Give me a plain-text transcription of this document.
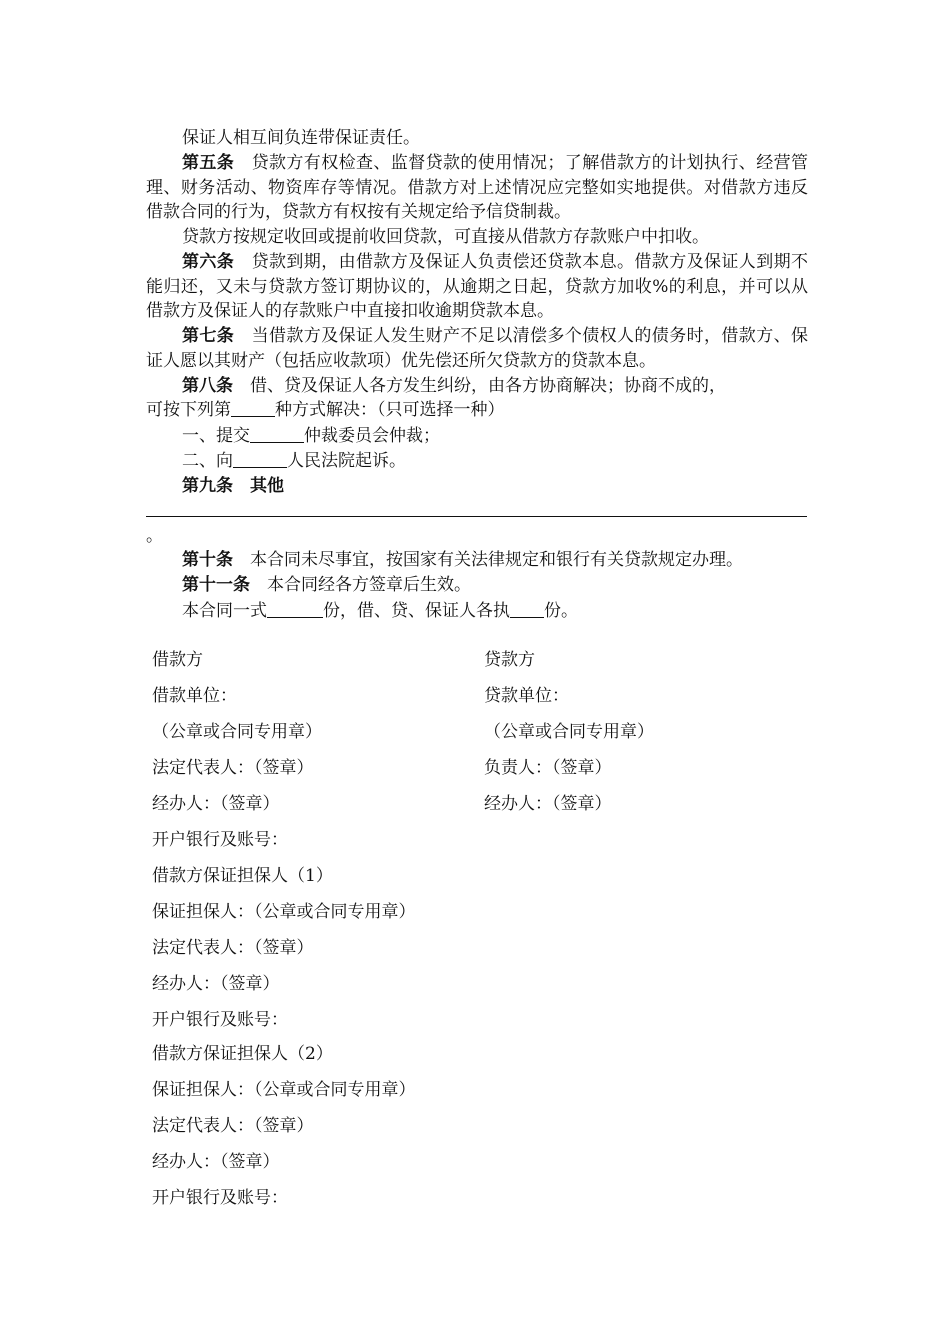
保证人相互间负连带保证责任。

第五条 贷款方有权检查、监督贷款的使用情况；了解借款方的计划执行、经营管理、财务活动、物资库存等情况。借款方对上述情况应完整如实地提供。对借款方违反借款合同的行为，贷款方有权按有关规定给予信贷制裁。

贷款方按规定收回或提前收回贷款，可直接从借款方存款账户中扣收。

第六条 贷款到期，由借款方及保证人负责偿还贷款本息。借款方及保证人到期不能归还，又未与贷款方签订期协议的，从逾期之日起，贷款方加收%的利息，并可以从借款方及保证人的存款账户中直接扣收逾期贷款本息。

第七条 当借款方及保证人发生财产不足以清偿多个债权人的债务时，借款方、保证人愿以其财产（包括应收款项）优先偿还所欠贷款方的贷款本息。

第八条 借、贷及保证人各方发生纠纷，由各方协商解决；协商不成的，

可按下列第	种方式解决：（只可选择一种）

一、提交	仲裁委员会仲裁；

二、向	人民法院起诉。

第九条　其他

。

第十条 本合同未尽事宜，按国家有关法律规定和银行有关贷款规定办理。

第十一条 本合同经各方签章后生效。

本合同一式	份，借、贷、保证人各执 份。

借款方
借款单位：
（公章或合同专用章）
法定代表人：（签章）
经办人：（签章）
开户银行及账号：
借款方保证担保人（1）
保证担保人：（公章或合同专用章）
法定代表人：（签章）
经办人：（签章）
开户银行及账号：
借款方保证担保人（2）
保证担保人：（公章或合同专用章）
法定代表人：（签章）
经办人：（签章）
开户银行及账号：
贷款方
贷款单位：
（公章或合同专用章）
负责人：（签章）
经办人：（签章）
